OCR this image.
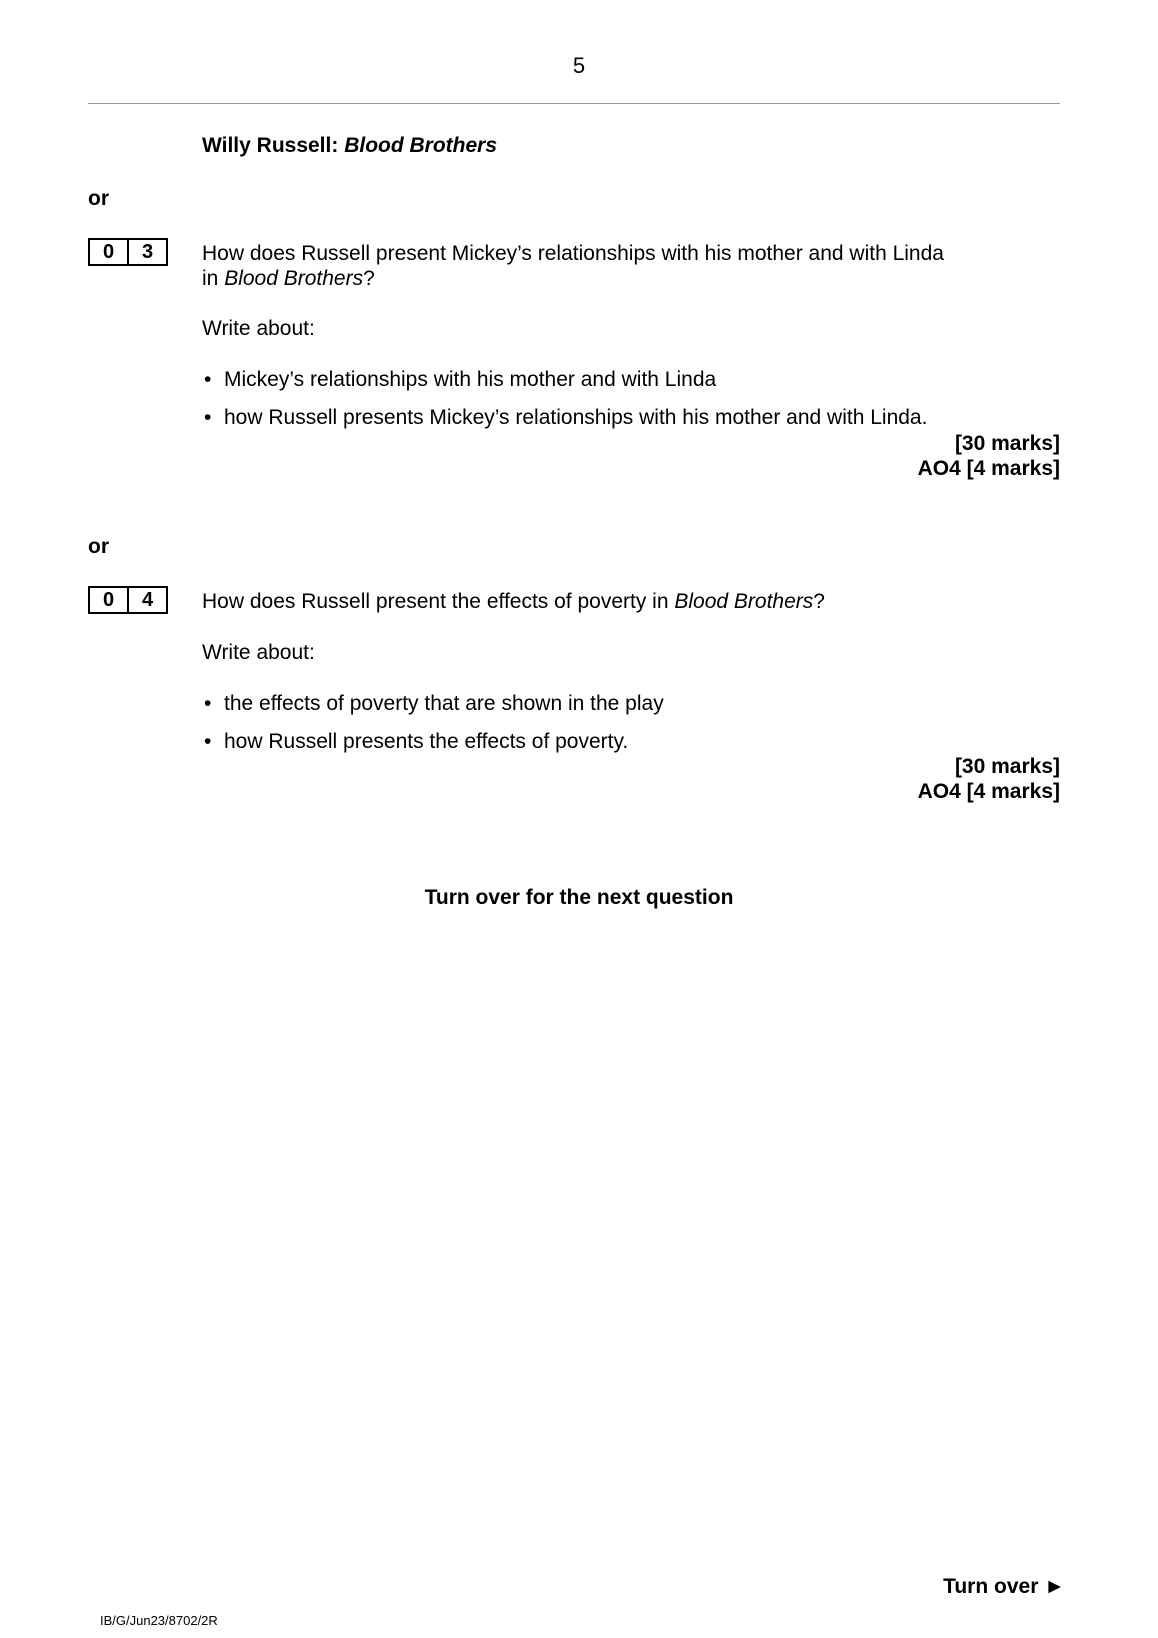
5
Willy Russell: Blood Brothers
or
0	3	How does Russell present Mickey’s relationships with his mother and with Linda
in Blood Brothers?
Write about:
• Mickey’s relationships with his mother and with Linda
• how Russell presents Mickey’s relationships with his mother and with Linda.
[30 marks]
AO4 [4 marks]
or
0	4	How does Russell present the effects of poverty in Blood Brothers?
Write about:
• the effects of poverty that are shown in the play
• how Russell presents the effects of poverty.
[30 marks]
AO4 [4 marks]
Turn over for the next question
Turn over ►
IB/G/Jun23/8702/2R
